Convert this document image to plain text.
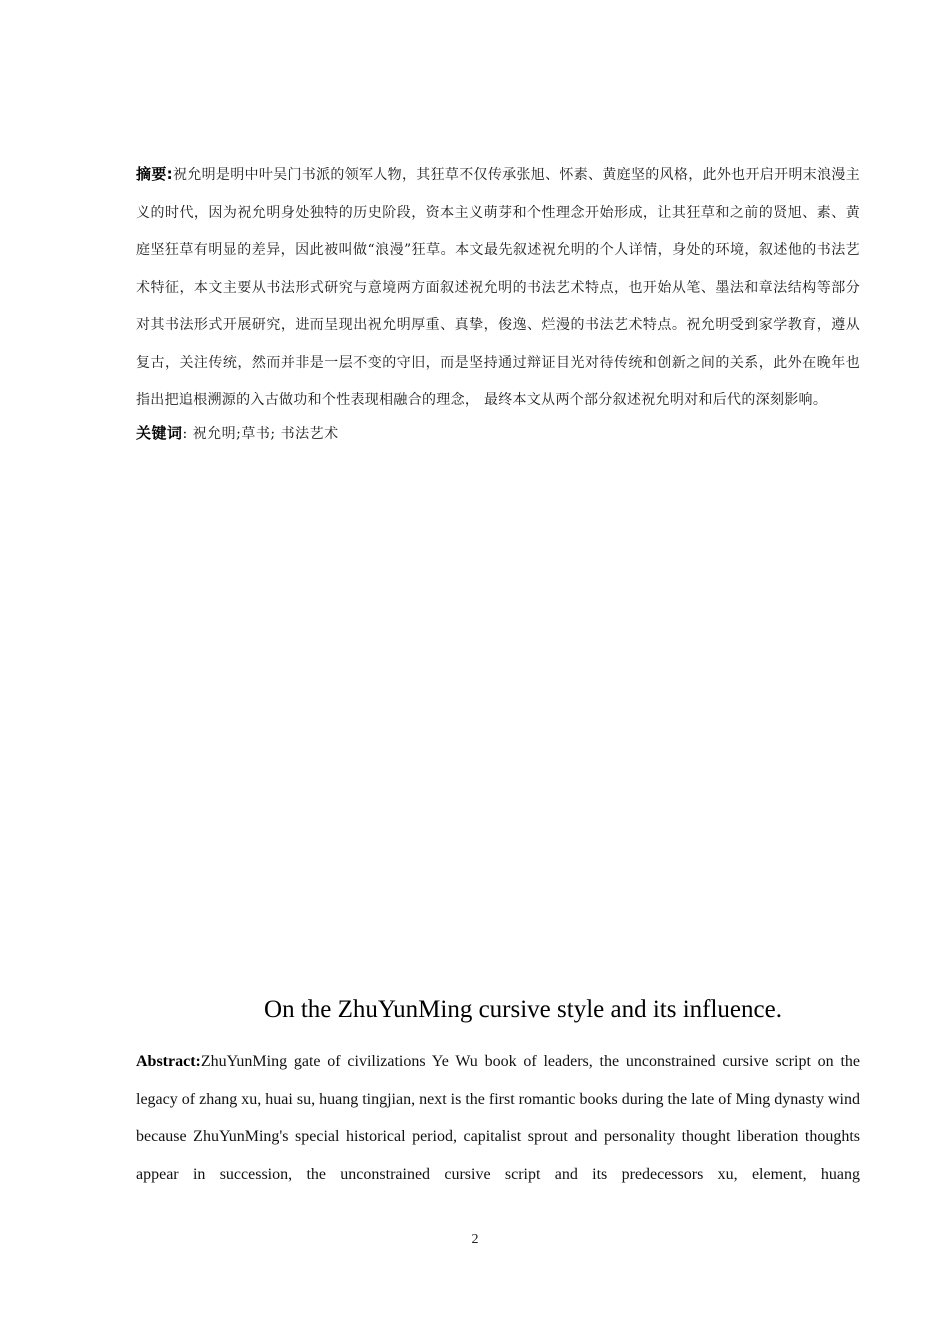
摘要:祝允明是明中叶吴门书派的领军人物，其狂草不仅传承张旭、怀素、黄庭坚的风格，此外也开启开明末浪漫主义的时代，因为祝允明身处独特的历史阶段，资本主义萌芽和个性理念开始形成，让其狂草和之前的贤旭、素、黄庭坚狂草有明显的差异，因此被叫做“浪漫”狂草。本文最先叙述祝允明的个人详情，身处的环境，叙述他的书法艺术特征，本文主要从书法形式研究与意境两方面叙述祝允明的书法艺术特点，也开始从笔、墨法和章法结构等部分对其书法形式开展研究，进而呈现出祝允明厚重、真挚，俊逸、烂漫的书法艺术特点。祝允明受到家学教育，遵从复古，关注传统，然而并非是一层不变的守旧，而是坚持通过辩证目光对待传统和创新之间的关系，此外在晚年也指出把追根溯源的入古做功和个性表现相融合的理念， 最终本文从两个部分叙述祝允明对和后代的深刻影响。

关键词: 祝允明;草书; 书法艺术

On the ZhuYunMing cursive style and its influence.

Abstract:ZhuYunMing gate of civilizations Ye Wu book of leaders, the unconstrained cursive script on the legacy of zhang xu, huai su, huang tingjian, next is the first romantic books during the late of Ming dynasty wind because ZhuYunMing's special historical period, capitalist sprout and personality thought liberation thoughts appear in succession, the unconstrained cursive script and its predecessors xu, element, huang

2
